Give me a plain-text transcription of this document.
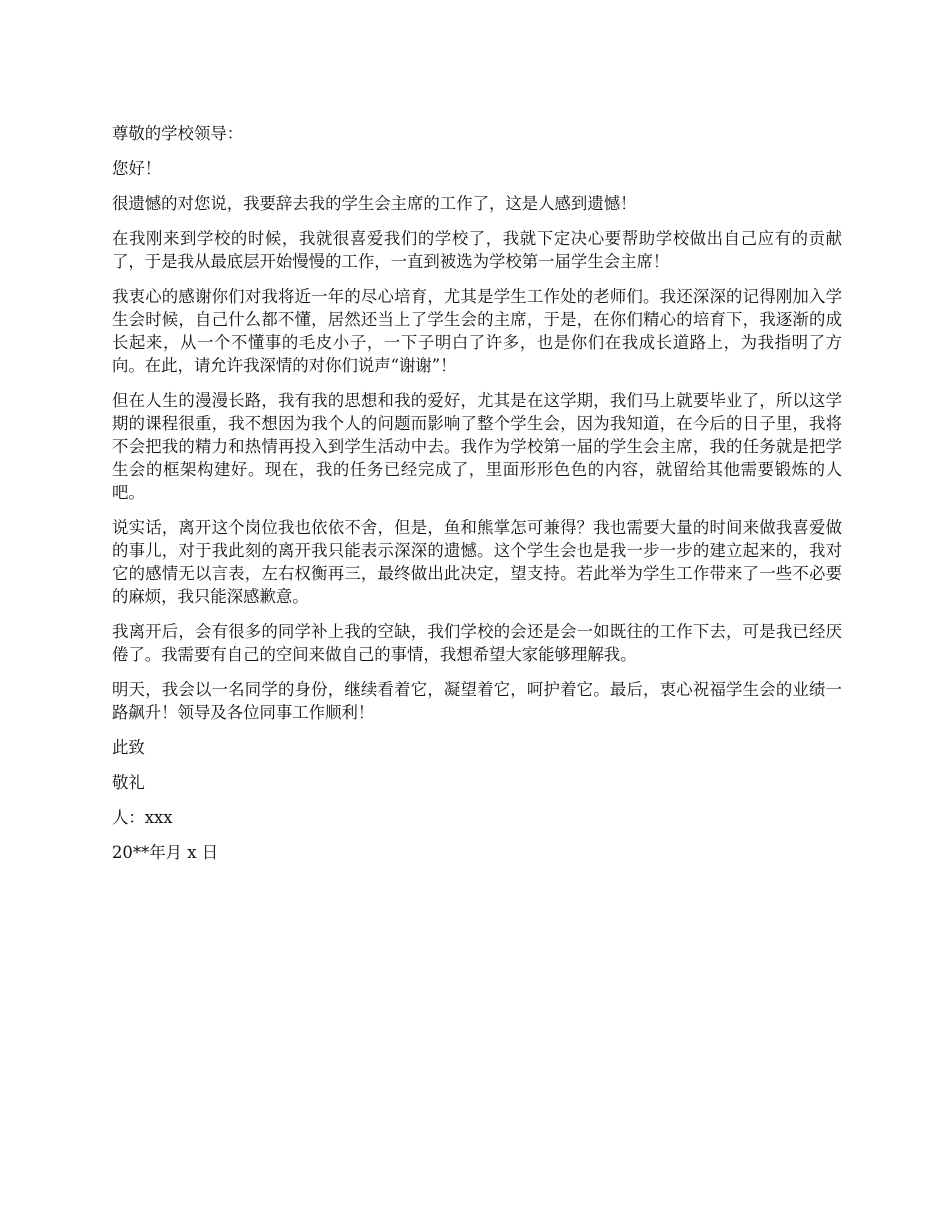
尊敬的学校领导：

您好！

很遗憾的对您说，我要辞去我的学生会主席的工作了，这是人感到遗憾！

在我刚来到学校的时候，我就很喜爱我们的学校了，我就下定决心要帮助学校做出自己应有的贡献了，于是我从最底层开始慢慢的工作，一直到被选为学校第一届学生会主席！

我衷心的感谢你们对我将近一年的尽心培育，尤其是学生工作处的老师们。我还深深的记得刚加入学生会时候，自己什么都不懂，居然还当上了学生会的主席，于是，在你们精心的培育下，我逐渐的成长起来，从一个不懂事的毛皮小子，一下子明白了许多，也是你们在我成长道路上，为我指明了方向。在此，请允许我深情的对你们说声“谢谢”！

但在人生的漫漫长路，我有我的思想和我的爱好，尤其是在这学期，我们马上就要毕业了，所以这学期的课程很重，我不想因为我个人的问题而影响了整个学生会，因为我知道，在今后的日子里，我将不会把我的精力和热情再投入到学生活动中去。我作为学校第一届的学生会主席，我的任务就是把学生会的框架构建好。现在，我的任务已经完成了，里面形形色色的内容，就留给其他需要锻炼的人吧。

说实话，离开这个岗位我也依依不舍，但是，鱼和熊掌怎可兼得？我也需要大量的时间来做我喜爱做的事儿，对于我此刻的离开我只能表示深深的遗憾。这个学生会也是我一步一步的建立起来的，我对它的感情无以言表，左右权衡再三，最终做出此决定，望支持。若此举为学生工作带来了一些不必要的麻烦，我只能深感歉意。

我离开后，会有很多的同学补上我的空缺，我们学校的会还是会一如既往的工作下去，可是我已经厌倦了。我需要有自己的空间来做自己的事情，我想希望大家能够理解我。

明天，我会以一名同学的身份，继续看着它，凝望着它，呵护着它。最后，衷心祝福学生会的业绩一路飙升！领导及各位同事工作顺利！

此致

敬礼

人：xxx

20**年月 x 日
